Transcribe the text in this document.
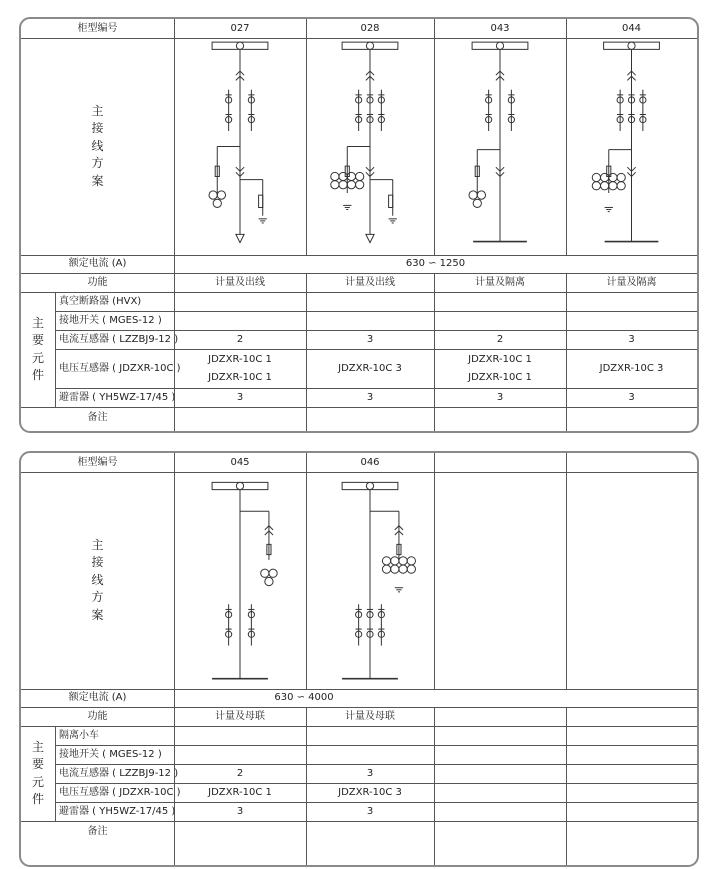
柜型编号
额定电流 (A)
功能
备注
630 ∽ 1250
主
接
线
方
案
主
要
元
件
真空断路器 (HVX)
接地开关 ( MGES-12 )
电流互感器 ( LZZBJ9-12 )
电压互感器 ( JDZXR-10C )
避雷器 ( YH5WZ-17/45 )
027
计量及出线
2
JDZXR-10C 1
JDZXR-10C 1
3
028
计量及出线
3
JDZXR-10C 3
3
043
计量及隔离
2
JDZXR-10C 1
JDZXR-10C 1
3
044
计量及隔离
3
JDZXR-10C 3
3
柜型编号
额定电流 (A)
功能
备注
630 ∽ 4000
主
接
线
方
案
主
要
元
件
隔离小车
接地开关 ( MGES-12 )
电流互感器 ( LZZBJ9-12 )
电压互感器 ( JDZXR-10C )
避雷器 ( YH5WZ-17/45 )
045
计量及母联
2
JDZXR-10C 1
3
046
计量及母联
3
JDZXR-10C 3
3
